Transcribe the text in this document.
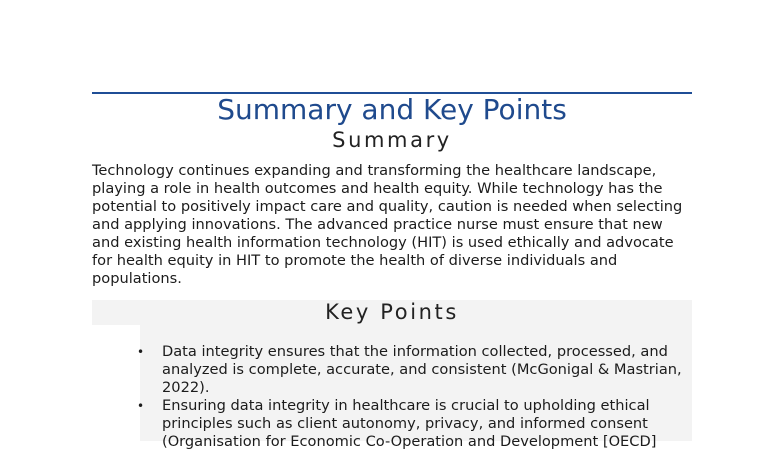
Summary and Key Points
Summary
Technology continues expanding and transforming the healthcare landscape, playing a role in health outcomes and health equity. While technology has the potential to positively impact care and quality, caution is needed when selecting and applying innovations. The advanced practice nurse must ensure that new and existing health information technology (HIT) is used ethically and advocate for health equity in HIT to promote the health of diverse individuals and populations.
Key Points
• Data integrity ensures that the information collected, processed, and analyzed is complete, accurate, and consistent (McGonigal & Mastrian, 2022).
• Ensuring data integrity in healthcare is crucial to upholding ethical principles such as client autonomy, privacy, and informed consent (Organisation for Economic Co-Operation and Development [OECD]
